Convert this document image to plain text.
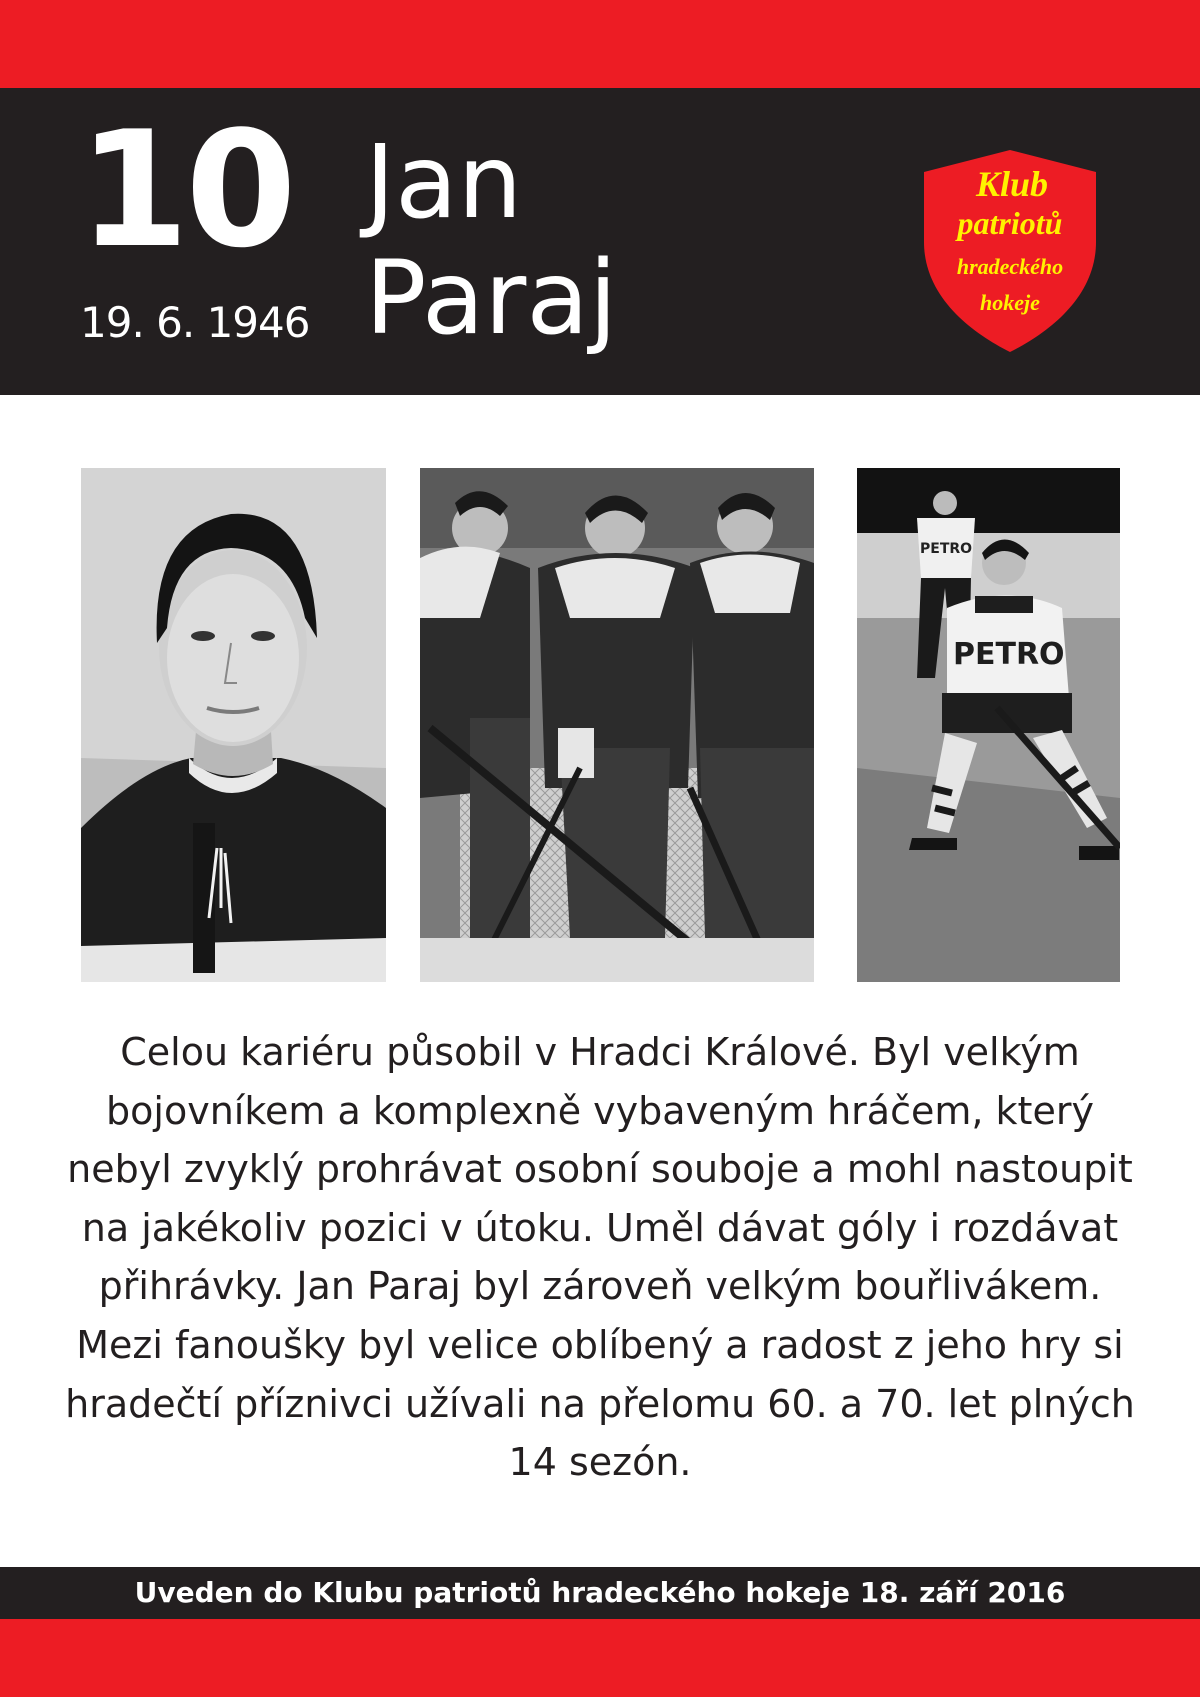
10
19. 6. 1946
Jan
Paraj
Klub
patriotů
hradeckého
hokeje
PETRO
PETRO
Celou kariéru působil v Hradci Králové. Byl velkým bojovníkem a komplexně vybaveným hráčem, který nebyl zvyklý prohrávat osobní souboje a mohl nastoupit na jakékoliv pozici v útoku. Uměl dávat góly i rozdávat přihrávky. Jan Paraj byl zároveň velkým bouřlivákem. Mezi fanoušky byl velice oblíbený a radost z jeho hry si hradečtí příznivci užívali na přelomu 60. a 70. let plných 14 sezón.
Uveden do Klubu patriotů hradeckého hokeje 18. září 2016
